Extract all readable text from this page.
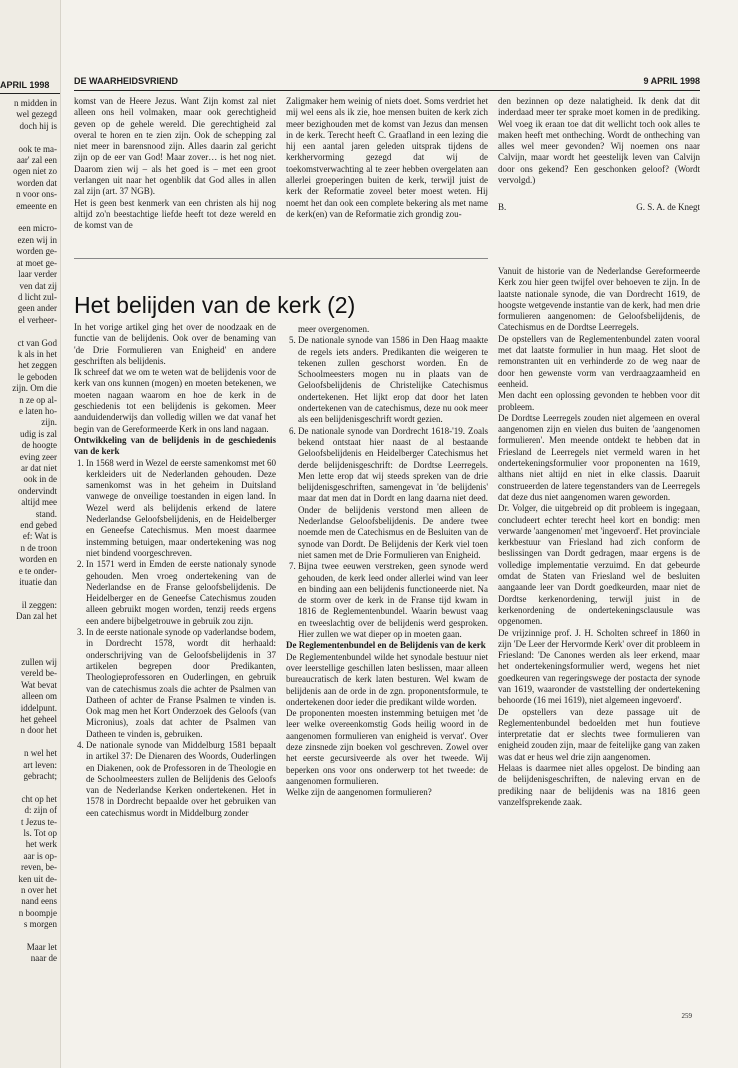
APRIL 1998
n midden in
wel gezegd
doch hij is

ook te ma-
aar' zal een
ogen niet zo
worden dat
n voor ons-
emeente en

een micro-
ezen wij in
worden ge-
at moet ge-
laar verder
ven dat zij
d licht zul-
geen ander
el verheer-

ct van God
k als in het
het zeggen
le geboden
zijn. Om die
n ze op al-
e laten ho-
zijn.
udig is zal
de hoogte
eving zeer
ar dat niet
ook in de
ondervindt
altijd mee
stand.
end gebed
ef: Wat is
n de troon
worden en
e te onder-
ituatie dan

il zeggen:
Dan zal het

zullen wij
vereld be-
Wat bevat
alleen om
iddelpunt.
het geheel
n door het

n wel het
art leven:
gebracht;

cht op het
d: zijn of
t Jezus te-
ls. Tot op
het werk
aar is op-
reven, be-
ken uit de-
n over het
nand eens
n boompje
s morgen

Maar let
naar de
DE WAARHEIDSVRIEND	9 APRIL 1998

komst van de Heere Jezus. Want Zijn komst zal niet alleen ons heil volmaken, maar ook gerechtigheid geven op de gehele wereld. Die gerechtigheid zal overal te horen en te zien zijn. Ook de schepping zal niet meer in barensnood zijn. Alles daarin zal gericht zijn op de eer van God! Maar zover… is het nog niet. Daarom zien wij – als het goed is – met een groot verlangen uit naar het ogenblik dat God alles in allen zal zijn (art. 37 NGB).

Het is geen best kenmerk van een christen als hij nog altijd zo'n beestachtige liefde heeft tot deze wereld en de komst van de

Zaligmaker hem weinig of niets doet. Soms verdriet het mij wel eens als ik zie, hoe mensen buiten de kerk zich meer bezighouden met de komst van Jezus dan mensen in de kerk. Terecht heeft C. Graafland in een lezing die hij een aantal jaren geleden uitsprak tijdens de kerkhervorming gezegd dat wij de toekomstverwachting al te zeer hebben overgelaten aan allerlei groeperingen buiten de kerk, terwijl juist de kerk der Reformatie zoveel beter moest weten. Hij noemt het dan ook een complete bekering als met name de kerk(en) van de Reformatie zich grondig zou-

den bezinnen op deze nalatigheid. Ik denk dat dit inderdaad meer ter sprake moet komen in de prediking. Wel voeg ik eraan toe dat dit wellicht toch ook alles te maken heeft met ontheching. Wordt de ontheching van alles wel meer gevonden? Wij noemen ons naar Calvijn, maar wordt het geestelijk leven van Calvijn door ons gekend? Een geschonken geloof? (Wordt vervolgd.)

B.	G. S. A. de Knegt
Het belijden van de kerk (2)

In het vorige artikel ging het over de noodzaak en de functie van de belijdenis. Ook over de benaming van 'de Drie Formulieren van Enigheid' en andere geschriften als belijdenis.

Ik schreef dat we om te weten wat de belijdenis voor de kerk van ons kunnen (mogen) en moeten betekenen, we moeten nagaan waarom en hoe de kerk in de geschiedenis tot een belijdenis is gekomen. Meer aanduidenderwijs dan volledig willen we dat vanaf het begin van de Gereformeerde Kerk in ons land nagaan.

Ontwikkeling van de belijdenis in de geschiedenis van de kerk

1. In 1568 werd in Wezel de eerste samenkomst met 60 kerkleiders uit de Nederlanden gehouden. Deze samenkomst was in het geheim in Duitsland vanwege de onveilige toestanden in eigen land. In Wezel werd als belijdenis erkend de latere Nederlandse Geloofsbelijdenis, en de Heidelberger en Geneefse Catechismus. Men moest daarmee instemming betuigen, maar ondertekening was nog niet bindend voorgeschreven.
2. In 1571 werd in Emden de eerste nationaly synode gehouden. Men vroeg ondertekening van de Nederlandse en de Franse geloofsbelijdenis. De Heidelberger en de Geneefse Catechismus zouden alleen gebruikt mogen worden, tenzij reeds ergens een andere bijbelgetrouwe in gebruik zou zijn.
3. In de eerste nationale synode op vaderlandse bodem, in Dordrecht 1578, wordt dit herhaald: onderschrijving van de Geloofsbelijdenis in 37 artikelen begrepen door Predikanten, Theologieprofessoren en Ouderlingen, en gebruik van de catechismus zoals die achter de Psalmen van Datheen of achter de Franse Psalmen te vinden is. Ook mag men het Kort Onderzoek des Geloofs (van Micronius), zoals dat achter de Psalmen van Datheen te vinden is, gebruiken.
4. De nationale synode van Middelburg 1581 bepaalt in artikel 37: De Dienaren des Woords, Ouderlingen en Diakenen, ook de Professoren in de Theologie en de Schoolmeesters zullen de Belijdenis des Geloofs van de Nederlandse Kerken ondertekenen. Het in 1578 in Dordrecht bepaalde over het gebruiken van een catechismus wordt in Middelburg zonder

meer overgenomen.

5. De nationale synode van 1586 in Den Haag maakte de regels iets anders. Predikanten die weigeren te tekenen zullen geschorst worden. En de Schoolmeesters mogen nu in plaats van de Geloofsbelijdenis de Christelijke Catechismus ondertekenen. Het lijkt erop dat door het laten ondertekenen van de catechismus, deze nu ook meer als een belijdenisgeschrift wordt gezien.
6. De nationale synode van Dordrecht 1618-'19. Zoals bekend ontstaat hier naast de al bestaande Geloofsbelijdenis en Heidelberger Catechismus het derde belijdenisgeschrift: de Dordtse Leerregels. Men lette erop dat wij steeds spreken van de drie belijdenisgeschriften, samengevat in 'de belijdenis' maar dat men dat in Dordt en lang daarna niet deed. Onder de belijdenis verstond men alleen de Nederlandse Geloofsbelijdenis. De andere twee noemde men de Catechismus en de Besluiten van de synode van Dordt. De Belijdenis der Kerk viel toen niet samen met de Drie Formulieren van Enigheid.
7. Bijna twee eeuwen verstreken, geen synode werd gehouden, de kerk leed onder allerlei wind van leer en binding aan een belijdenis functioneerde niet. Na de storm over de kerk in de Franse tijd kwam in 1816 de Reglementenbundel. Waarin bewust vaag en tweeslachtig over de belijdenis werd gesproken. Hier zullen we wat dieper op in moeten gaan.

De Reglementenbundel en de Belijdenis van de kerk

De Reglementenbundel wilde het synodale bestuur niet over leerstellige geschillen laten beslissen, maar alleen bureaucratisch de kerk laten besturen. Wel kwam de belijdenis aan de orde in de zgn. proponentsformule, te ondertekenen door ieder die predikant wilde worden.

De proponenten moesten instemming betuigen met 'de leer welke overeenkomstig Gods heilig woord in de aangenomen formulieren van enigheid is vervat'. Over deze zinsnede zijn boeken vol geschreven. Zowel over het eerste gecursiveerde als over het tweede. Wij beperken ons voor ons onderwerp tot het tweede: de aangenomen formulieren.

Welke zijn de aangenomen formulieren?

Vanuit de historie van de Nederlandse Gereformeerde Kerk zou hier geen twijfel over behoeven te zijn. In de laatste nationale synode, die van Dordrecht 1619, de hoogste wetgevende instantie van de kerk, had men drie formulieren aangenomen: de Geloofsbelijdenis, de Catechismus en de Dordtse Leerregels.

De opstellers van de Reglementenbundel zaten vooral met dat laatste formulier in hun maag. Het sloot de remonstranten uit en verhinderde zo de weg naar de door hen gewenste vorm van verdraagzaamheid en eenheid.

Men dacht een oplossing gevonden te hebben voor dit probleem.

De Dordtse Leerregels zouden niet algemeen en overal aangenomen zijn en vielen dus buiten de 'aangenomen formulieren'. Men meende ontdekt te hebben dat in Friesland de Leerregels niet vermeld waren in het ondertekeningsformulier voor proponenten na 1619, althans niet altijd en niet in elke classis. Daaruit construeerden de latere tegenstanders van de Leerregels dat deze dus niet aangenomen waren geworden.

Dr. Volger, die uitgebreid op dit probleem is ingegaan, concludeert echter terecht heel kort en bondig: men verwarde 'aangenomen' met 'ingevoerd'. Het provinciale kerkbestuur van Friesland had zich conform de beslissingen van Dordt gedragen, maar ergens is de volledige implementatie verzuimd. En dat gebeurde omdat de Staten van Friesland wel de besluiten aangaande leer van Dordt goedkeurden, maar niet de Dordtse kerkenordening, terwijl juist in de kerkenordening de ondertekeningsclausule was opgenomen.

De vrijzinnige prof. J. H. Scholten schreef in 1860 in zijn 'De Leer der Hervormde Kerk' over dit probleem in Friesland: 'De Canones werden als leer erkend, maar het ondertekeningsformulier werd, wegens het niet goedkeuren van regeringswege der postacta der synode van 1619, waaronder de vaststelling der ondertekening behoorde (16 mei 1619), niet algemeen ingevoerd'.

De opstellers van deze passage uit de Reglementenbundel bedoelden met hun foutieve interpretatie dat er slechts twee formulieren van enigheid zouden zijn, maar de feitelijke gang van zaken was dat er heus wel drie zijn aangenomen.

Helaas is daarmee niet alles opgelost. De binding aan de belijdenisgeschriften, de naleving ervan en de prediking naar de belijdenis was na 1816 geen vanzelfsprekende zaak.

259
